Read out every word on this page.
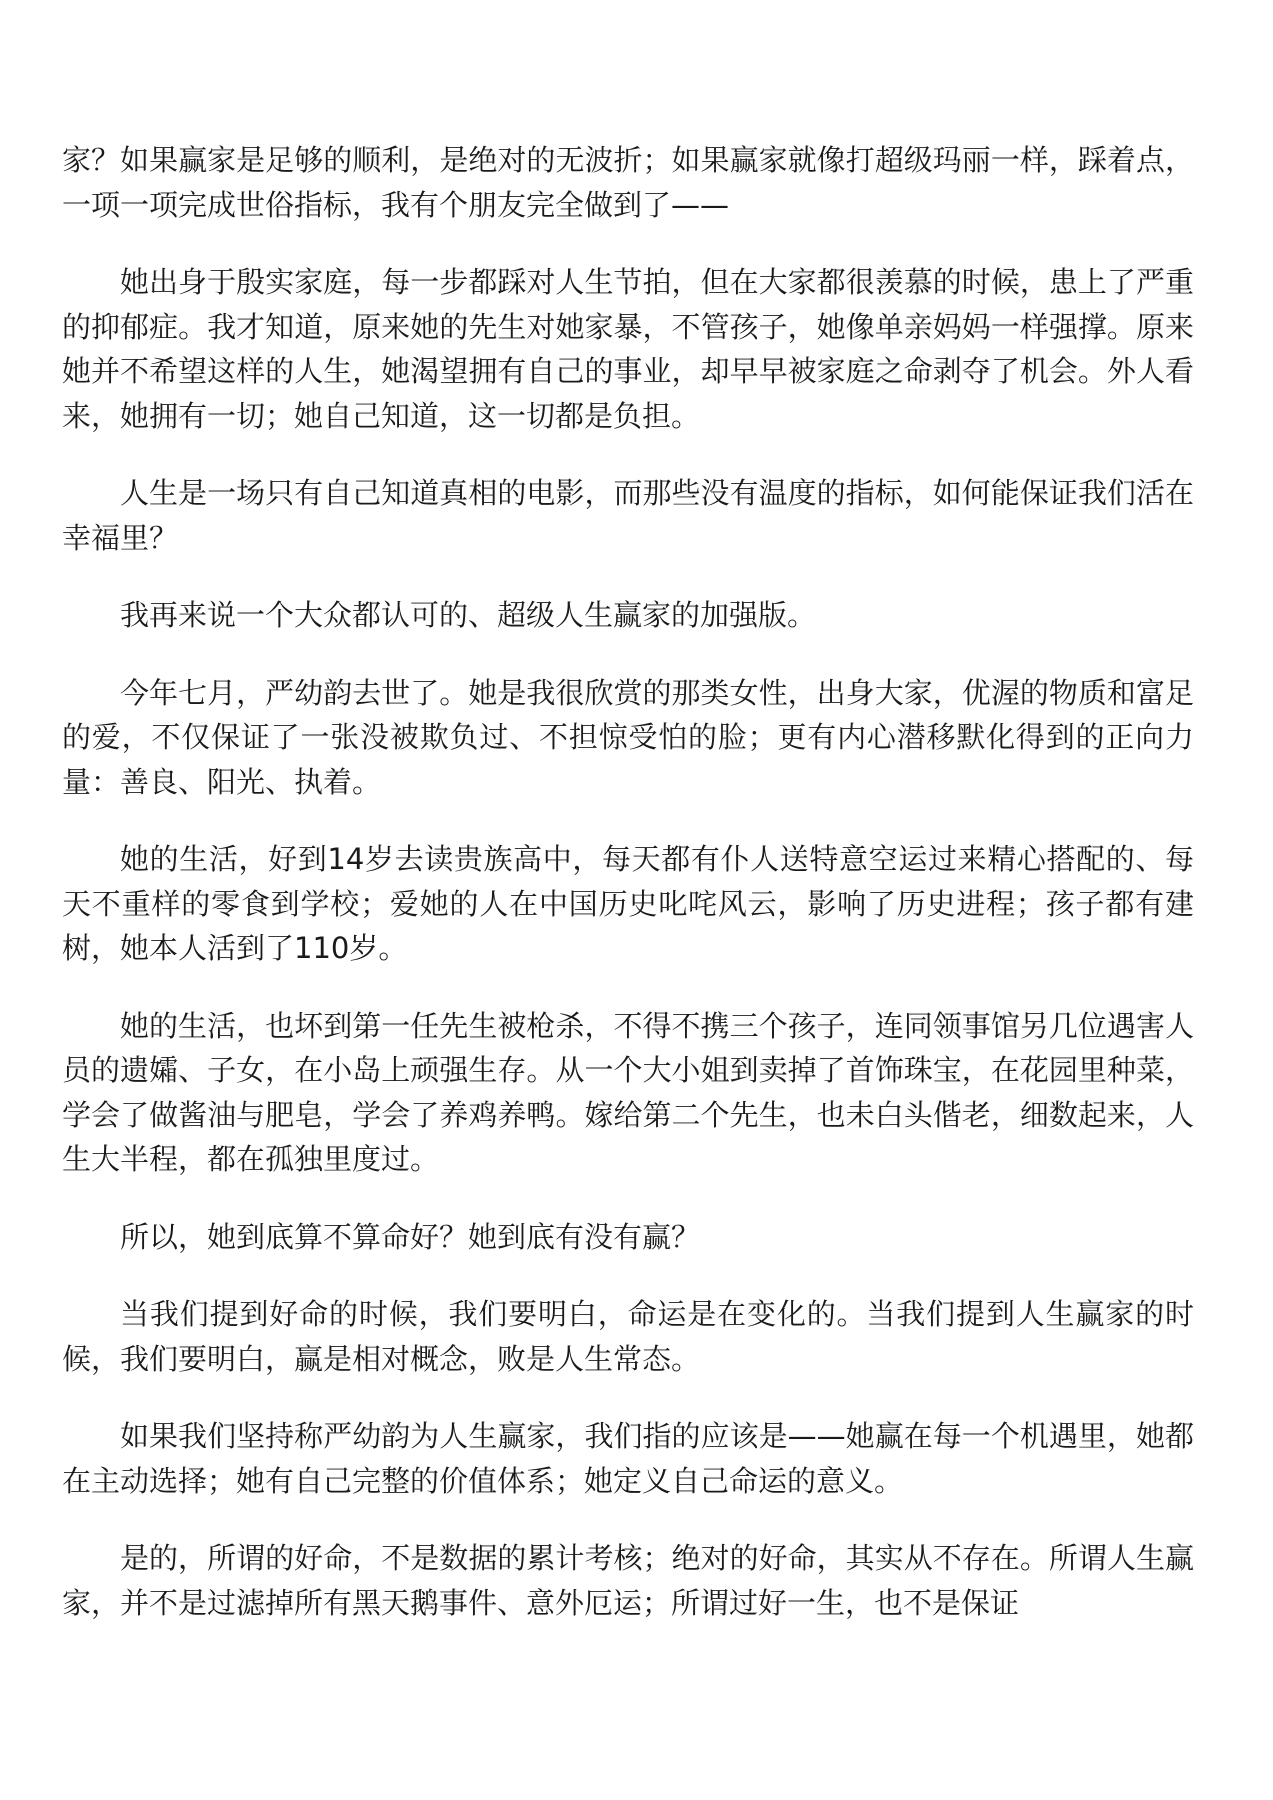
家？如果赢家是足够的顺利，是绝对的无波折；如果赢家就像打超级玛丽一样，踩着点，一项一项完成世俗指标，我有个朋友完全做到了——

她出身于殷实家庭，每一步都踩对人生节拍，但在大家都很羡慕的时候，患上了严重的抑郁症。我才知道，原来她的先生对她家暴，不管孩子，她像单亲妈妈一样强撑。原来她并不希望这样的人生，她渴望拥有自己的事业，却早早被家庭之命剥夺了机会。外人看来，她拥有一切；她自己知道，这一切都是负担。

人生是一场只有自己知道真相的电影，而那些没有温度的指标，如何能保证我们活在幸福里？

我再来说一个大众都认可的、超级人生赢家的加强版。

今年七月，严幼韵去世了。她是我很欣赏的那类女性，出身大家，优渥的物质和富足的爱，不仅保证了一张没被欺负过、不担惊受怕的脸；更有内心潜移默化得到的正向力量：善良、阳光、执着。

她的生活，好到14岁去读贵族高中，每天都有仆人送特意空运过来精心搭配的、每天不重样的零食到学校；爱她的人在中国历史叱咤风云，影响了历史进程；孩子都有建树，她本人活到了110岁。

她的生活，也坏到第一任先生被枪杀，不得不携三个孩子，连同领事馆另几位遇害人员的遗孀、子女，在小岛上顽强生存。从一个大小姐到卖掉了首饰珠宝，在花园里种菜，学会了做酱油与肥皂，学会了养鸡养鸭。嫁给第二个先生，也未白头偕老，细数起来，人生大半程，都在孤独里度过。

所以，她到底算不算命好？她到底有没有赢？

当我们提到好命的时候，我们要明白，命运是在变化的。当我们提到人生赢家的时候，我们要明白，赢是相对概念，败是人生常态。

如果我们坚持称严幼韵为人生赢家，我们指的应该是——她赢在每一个机遇里，她都在主动选择；她有自己完整的价值体系；她定义自己命运的意义。

是的，所谓的好命，不是数据的累计考核；绝对的好命，其实从不存在。所谓人生赢家，并不是过滤掉所有黑天鹅事件、意外厄运；所谓过好一生，也不是保证
